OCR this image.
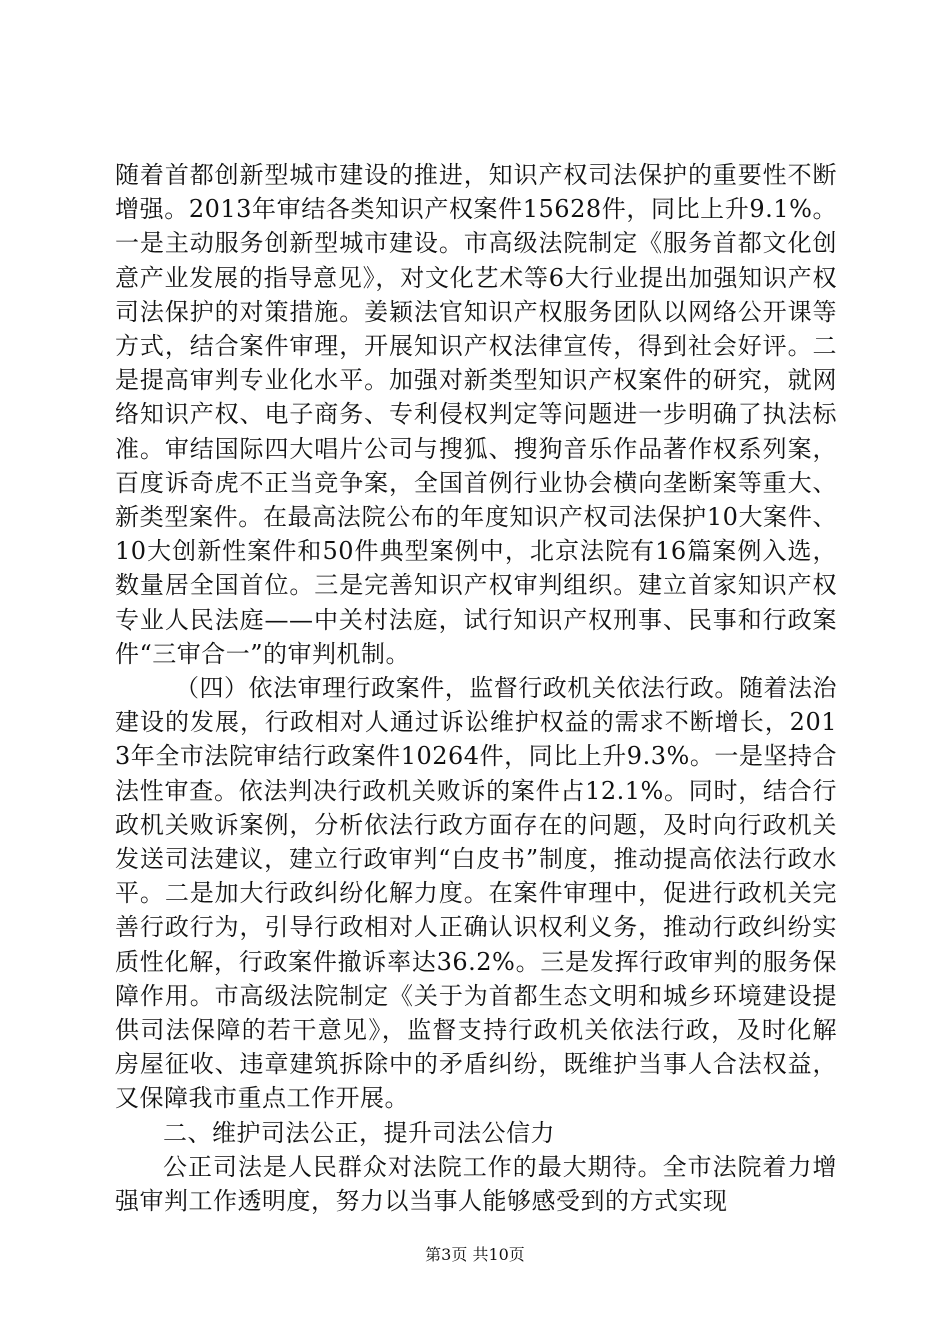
随着首都创新型城市建设的推进，知识产权司法保护的重要性不断增强。2013年审结各类知识产权案件15628件，同比上升9.1%。一是主动服务创新型城市建设。市高级法院制定《服务首都文化创意产业发展的指导意见》，对文化艺术等6大行业提出加强知识产权司法保护的对策措施。姜颖法官知识产权服务团队以网络公开课等方式，结合案件审理，开展知识产权法律宣传，得到社会好评。二是提高审判专业化水平。加强对新类型知识产权案件的研究，就网络知识产权、电子商务、专利侵权判定等问题进一步明确了执法标准。审结国际四大唱片公司与搜狐、搜狗音乐作品著作权系列案，百度诉奇虎不正当竞争案，全国首例行业协会横向垄断案等重大、新类型案件。在最高法院公布的年度知识产权司法保护10大案件、10大创新性案件和50件典型案例中，北京法院有16篇案例入选，数量居全国首位。三是完善知识产权审判组织。建立首家知识产权专业人民法庭——中关村法庭，试行知识产权刑事、民事和行政案件“三审合一”的审判机制。

（四）依法审理行政案件，监督行政机关依法行政。随着法治建设的发展，行政相对人通过诉讼维护权益的需求不断增长，2013年全市法院审结行政案件10264件，同比上升9.3%。一是坚持合法性审查。依法判决行政机关败诉的案件占12.1%。同时，结合行政机关败诉案例，分析依法行政方面存在的问题，及时向行政机关发送司法建议，建立行政审判“白皮书”制度，推动提高依法行政水平。二是加大行政纠纷化解力度。在案件审理中，促进行政机关完善行政行为，引导行政相对人正确认识权利义务，推动行政纠纷实质性化解，行政案件撤诉率达36.2%。三是发挥行政审判的服务保障作用。市高级法院制定《关于为首都生态文明和城乡环境建设提供司法保障的若干意见》，监督支持行政机关依法行政，及时化解房屋征收、违章建筑拆除中的矛盾纠纷，既维护当事人合法权益，又保障我市重点工作开展。

二、维护司法公正，提升司法公信力

公正司法是人民群众对法院工作的最大期待。全市法院着力增强审判工作透明度，努力以当事人能够感受到的方式实现

第3页 共10页
